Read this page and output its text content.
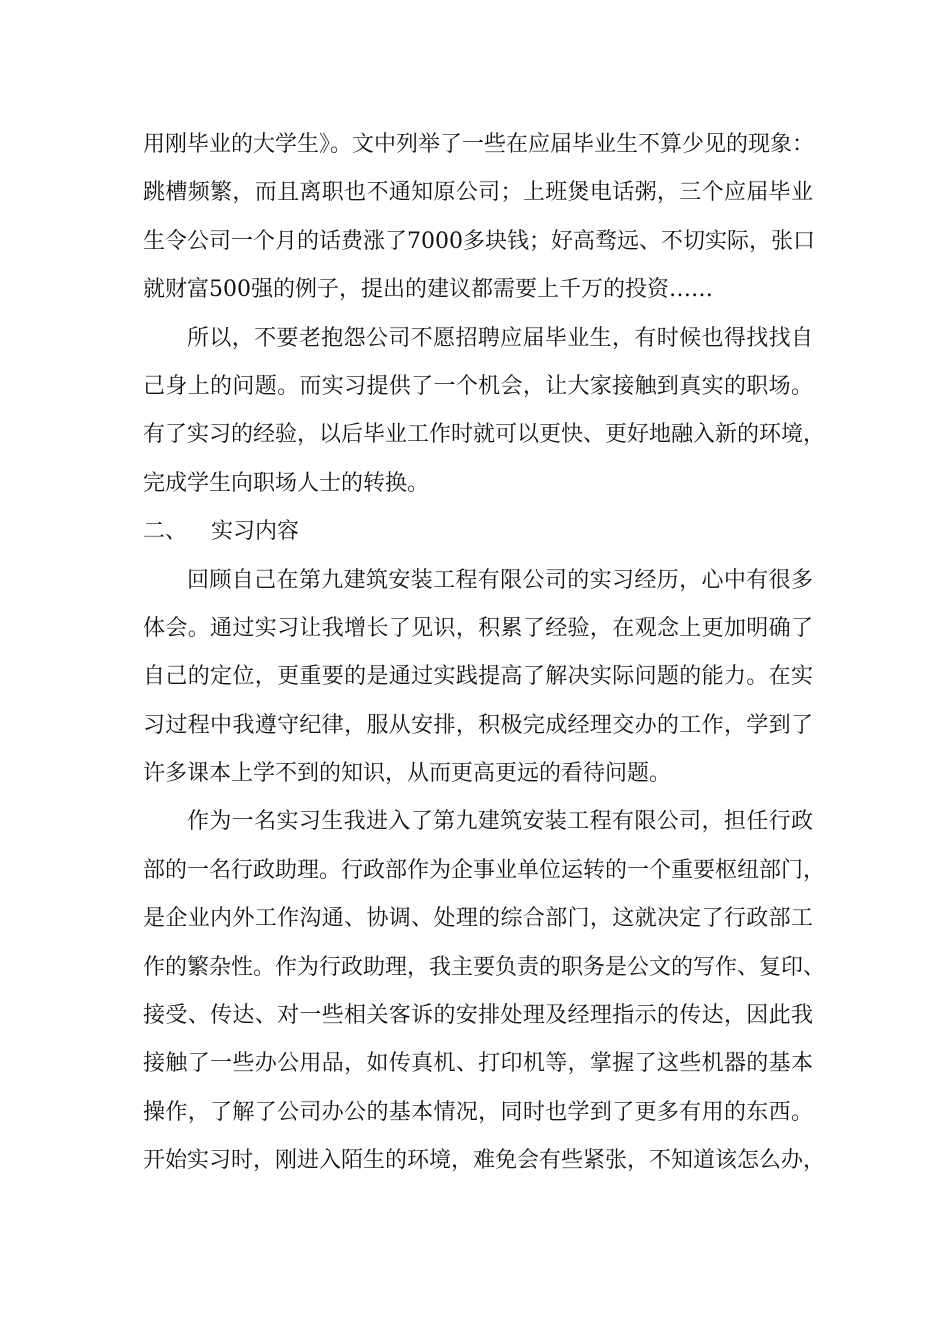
用刚毕业的大学生》。文中列举了一些在应届毕业生不算少见的现象：
跳槽频繁，而且离职也不通知原公司；上班煲电话粥，三个应届毕业
生令公司一个月的话费涨了7000多块钱；好高骛远、不切实际，张口
就财富500强的例子，提出的建议都需要上千万的投资……
所以，不要老抱怨公司不愿招聘应届毕业生，有时候也得找找自
己身上的问题。而实习提供了一个机会，让大家接触到真实的职场。
有了实习的经验，以后毕业工作时就可以更快、更好地融入新的环境，
完成学生向职场人士的转换。
二、 实习内容
回顾自己在第九建筑安装工程有限公司的实习经历，心中有很多
体会。通过实习让我增长了见识，积累了经验，在观念上更加明确了
自己的定位，更重要的是通过实践提高了解决实际问题的能力。在实
习过程中我遵守纪律，服从安排，积极完成经理交办的工作，学到了
许多课本上学不到的知识，从而更高更远的看待问题。
作为一名实习生我进入了第九建筑安装工程有限公司，担任行政
部的一名行政助理。行政部作为企事业单位运转的一个重要枢纽部门，
是企业内外工作沟通、协调、处理的综合部门，这就决定了行政部工
作的繁杂性。作为行政助理，我主要负责的职务是公文的写作、复印、
接受、传达、对一些相关客诉的安排处理及经理指示的传达，因此我
接触了一些办公用品，如传真机、打印机等，掌握了这些机器的基本
操作，了解了公司办公的基本情况，同时也学到了更多有用的东西。
开始实习时，刚进入陌生的环境，难免会有些紧张，不知道该怎么办，
